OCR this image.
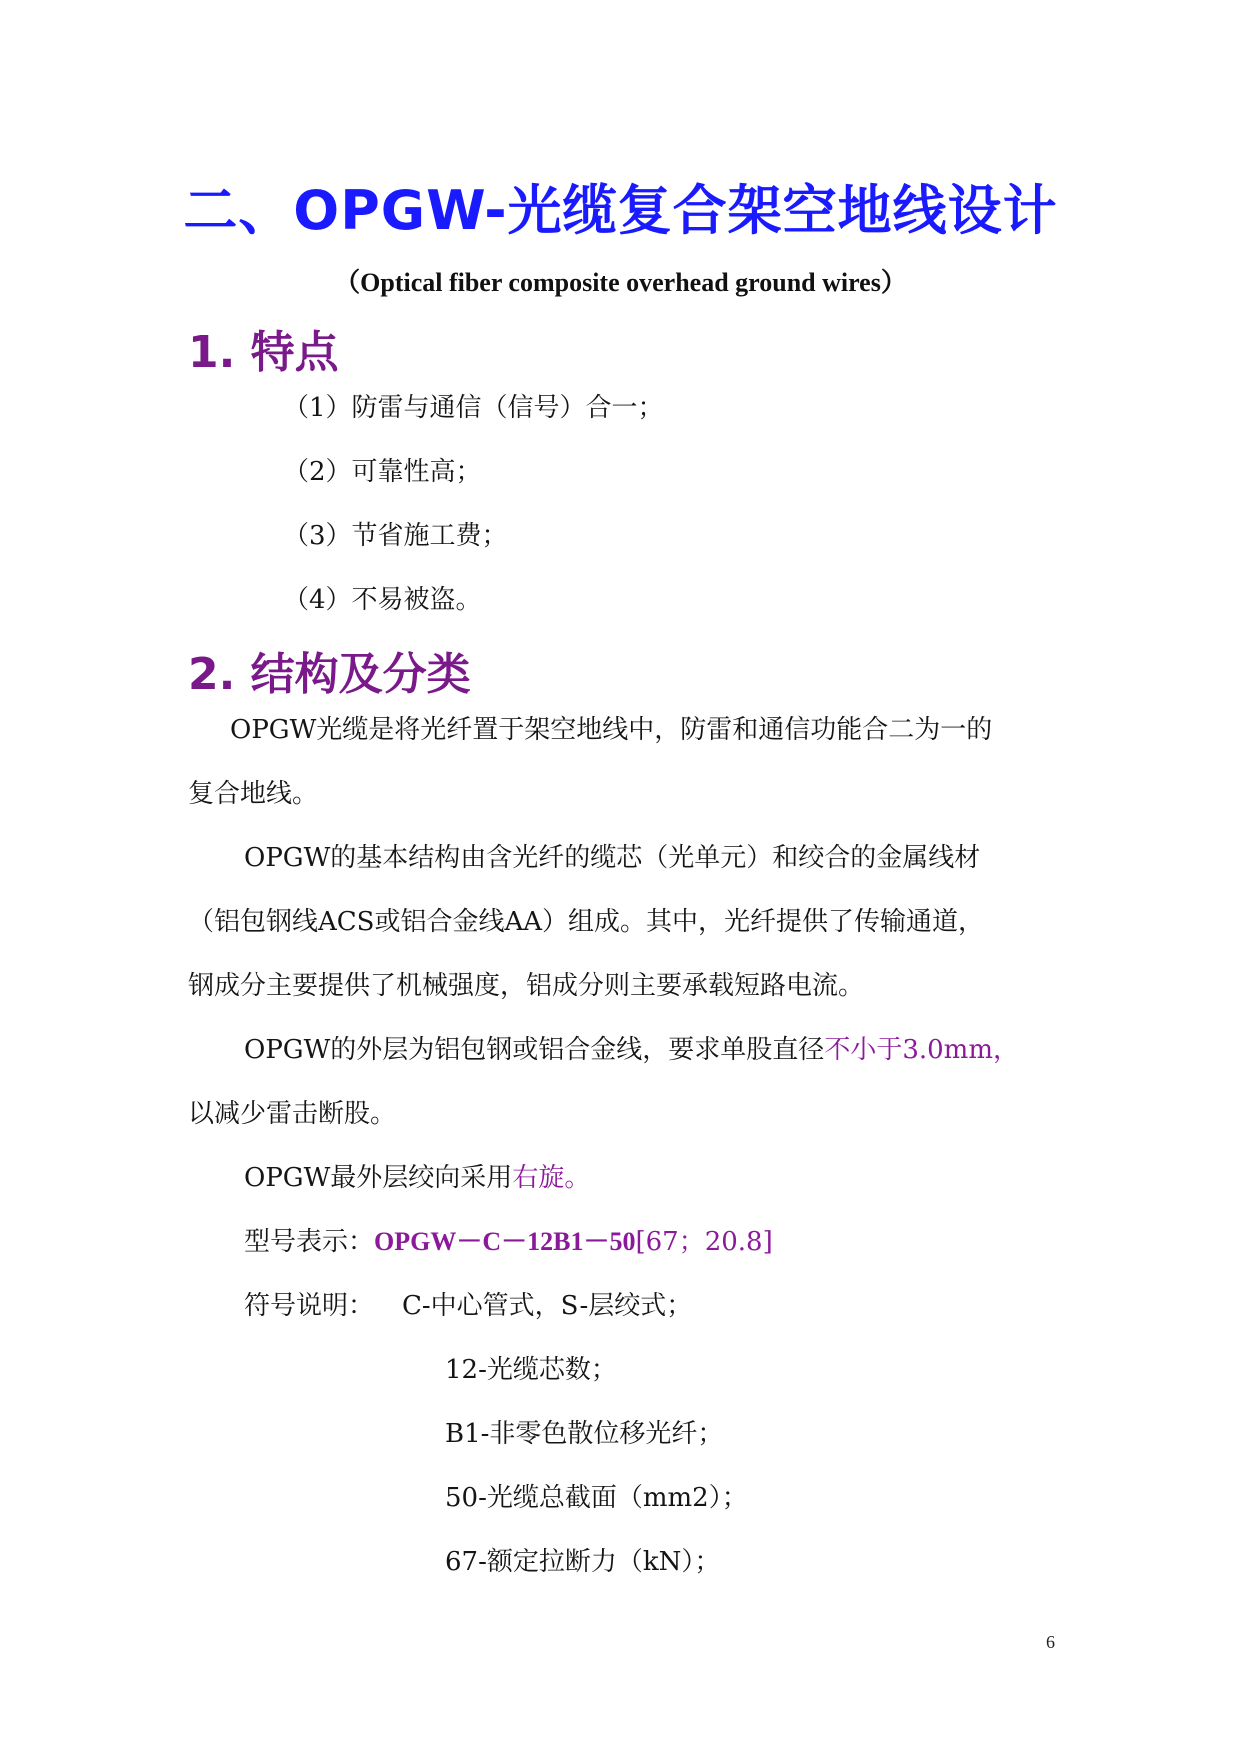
二、OPGW-光缆复合架空地线设计
（Optical fiber composite overhead ground wires）
1. 特点
（1）防雷与通信（信号）合一；
（2）可靠性高；
（3）节省施工费；
（4）不易被盗。
2. 结构及分类
OPGW光缆是将光纤置于架空地线中，防雷和通信功能合二为一的
复合地线。
OPGW的基本结构由含光纤的缆芯（光单元）和绞合的金属线材
（铝包钢线ACS或铝合金线AA）组成。其中，光纤提供了传输通道，
钢成分主要提供了机械强度，铝成分则主要承载短路电流。
OPGW的外层为铝包钢或铝合金线，要求单股直径不小于3.0mm，
以减少雷击断股。
OPGW最外层绞向采用右旋。
型号表示：OPGW－C－12B1－50[67；20.8]
符号说明： C-中心管式，S-层绞式；
12-光缆芯数；
B1-非零色散位移光纤；
50-光缆总截面（mm2）；
67-额定拉断力（kN）；
6
